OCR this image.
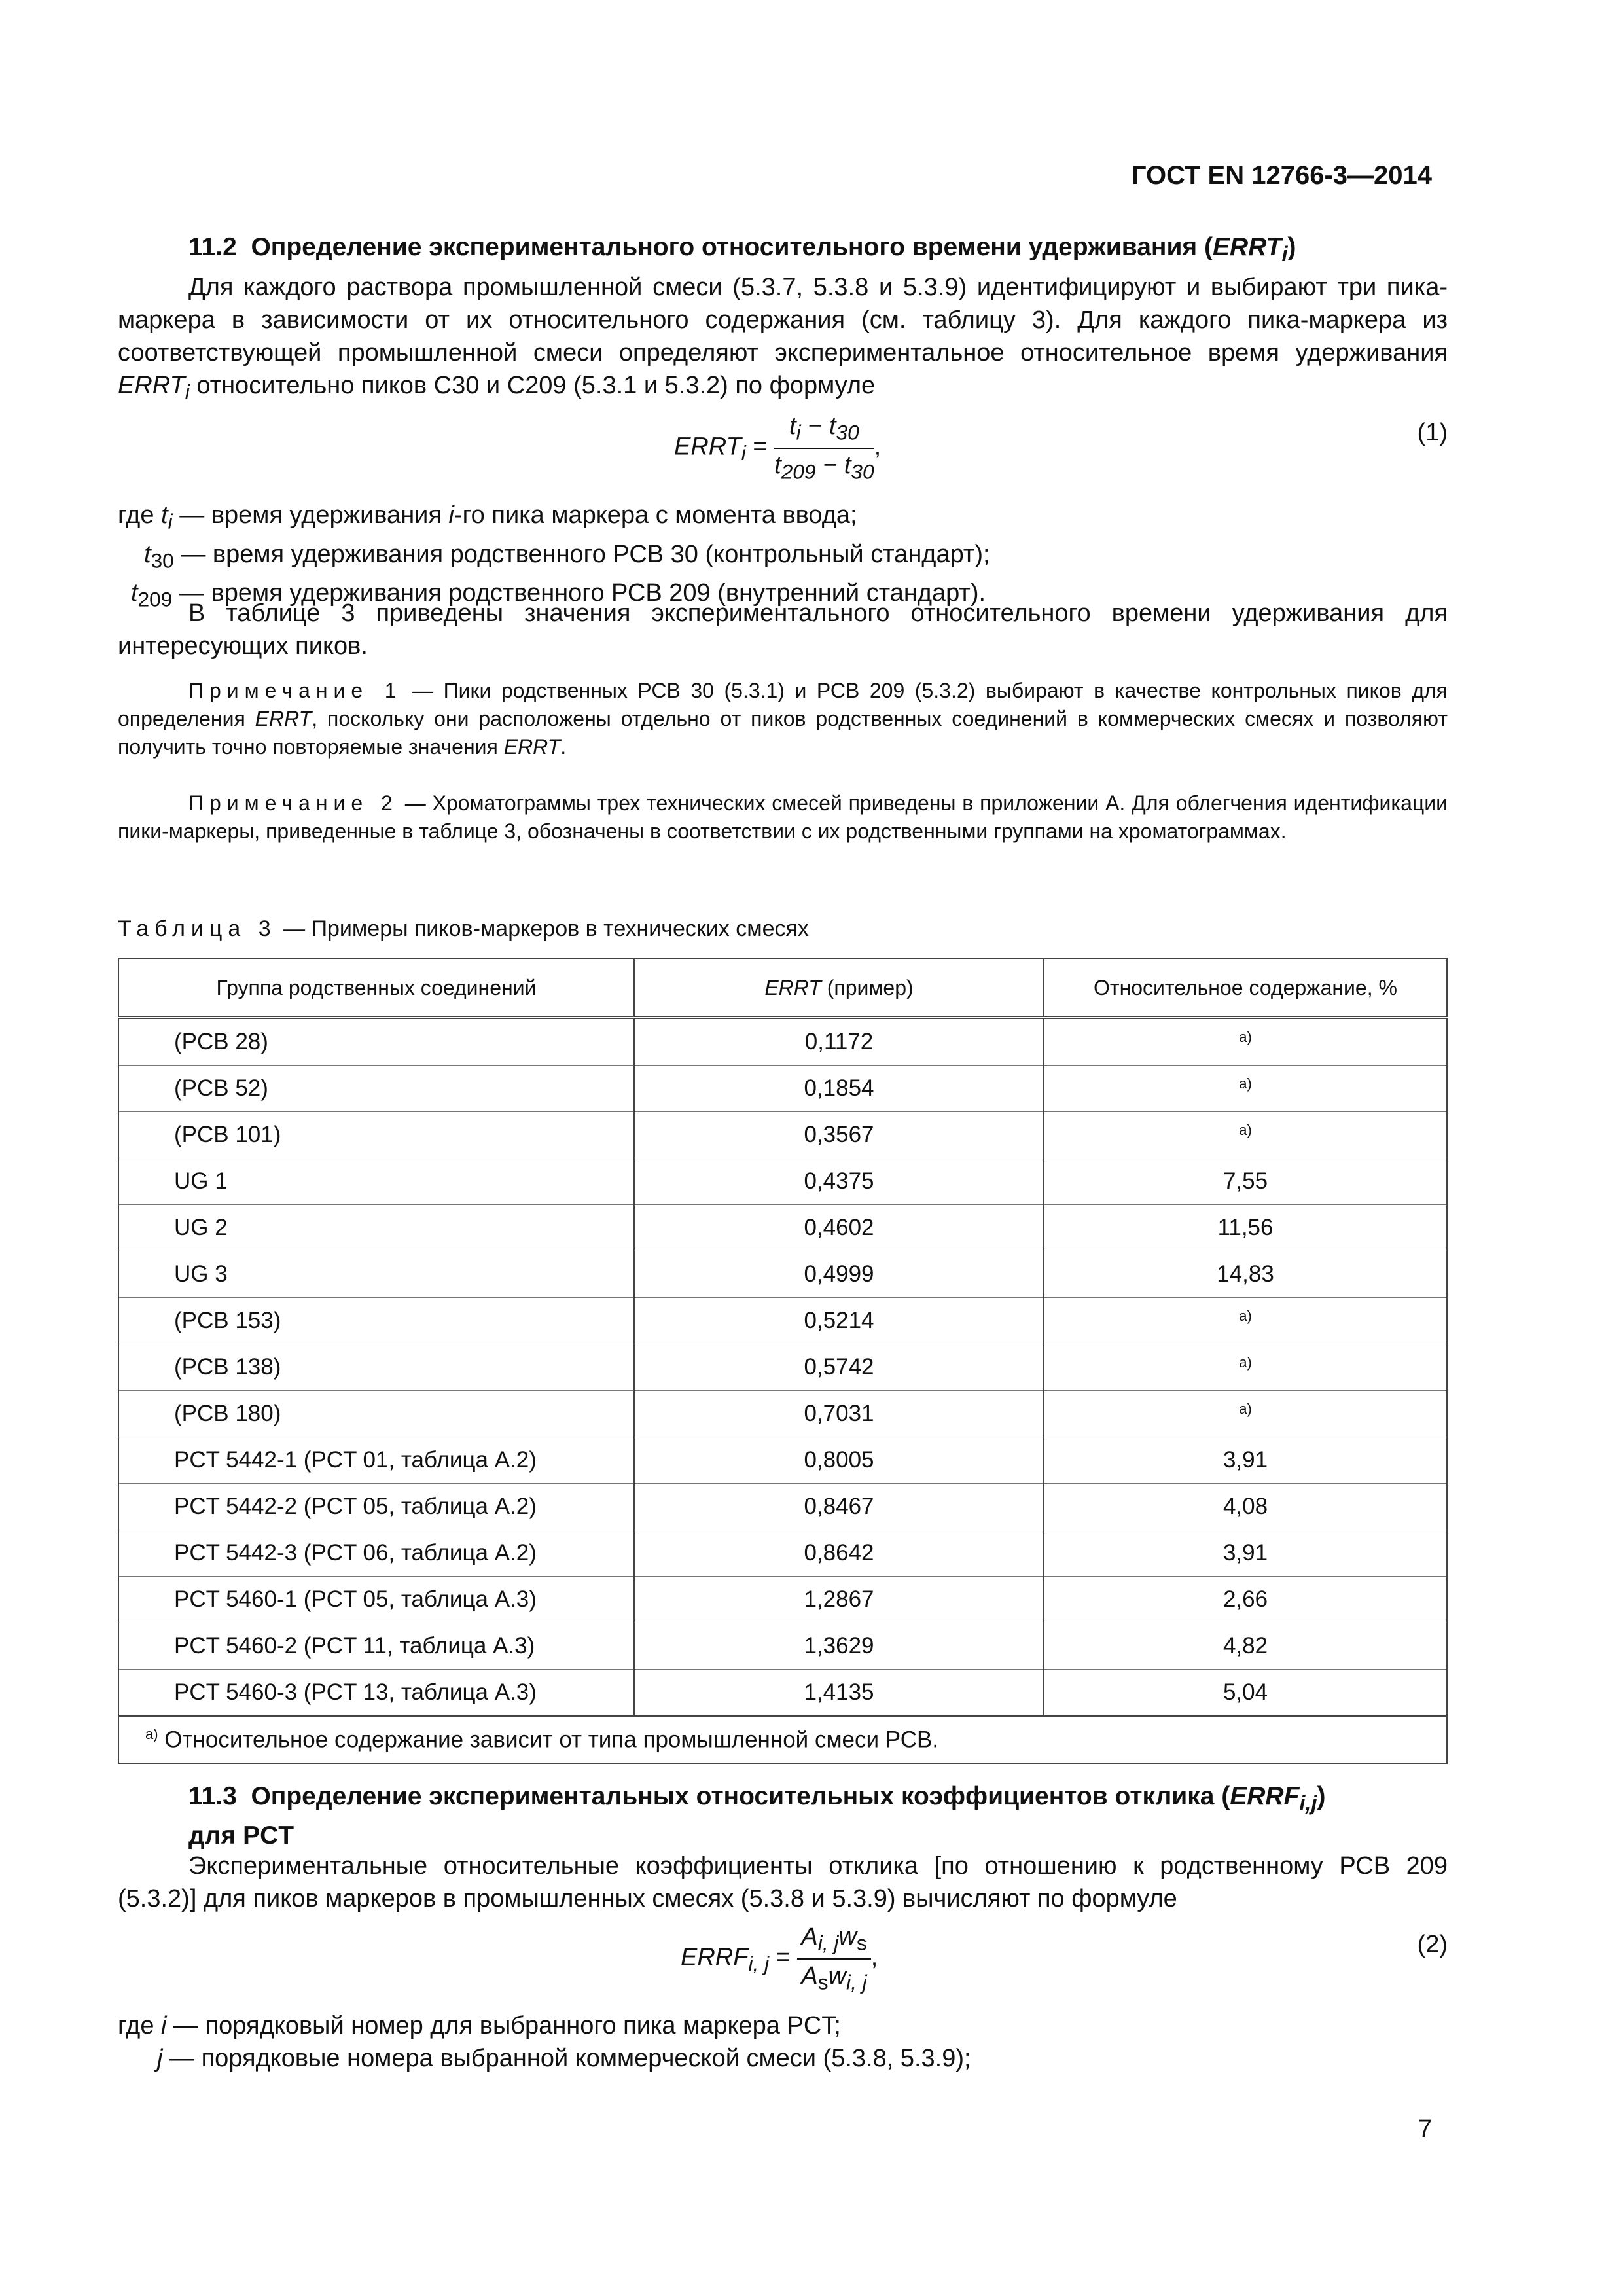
ГОСТ EN 12766-3—2014
11.2 Определение экспериментального относительного времени удерживания $(ERRT_i)$
Для каждого раствора промышленной смеси (5.3.7, 5.3.8 и 5.3.9) идентифицируют и выбирают три пика-маркера в зависимости от их относительного содержания (см. таблицу 3). Для каждого пика-маркера из соответствующей промышленной смеси определяют экспериментальное относительное время удерживания $ERRT_i$ относительно пиков С30 и С209 (5.3.1 и 5.3.2) по формуле
$ERRT_i = \frac{t_i - t_{30}}{t_{209} - t_{30}}$ ,
(1)
где $t_i$ — время удерживания i-го пика маркера с момента ввода;
$t_{30}$ — время удерживания родственного РСВ 30 (контрольный стандарт);
$t_{209}$ — время удерживания родственного РСВ 209 (внутренний стандарт).
В таблице 3 приведены значения экспериментального относительного времени удерживания для интересующих пиков.
Примечание 1 — Пики родственных РСВ 30 (5.3.1) и РСВ 209 (5.3.2) выбирают в качестве контрольных пиков для определения ERRT, поскольку они расположены отдельно от пиков родственных соединений в коммерческих смесях и позволяют получить точно повторяемые значения ERRT.
Примечание 2 — Хроматограммы трех технических смесей приведены в приложении А. Для облегчения идентификации пики-маркеры, приведенные в таблице 3, обозначены в соответствии с их родственными группами на хроматограммах.
Таблица 3 — Примеры пиков-маркеров в технических смесях
Группа родственных соединений	ERRT (пример)	Относительное содержание, %
(PCB 28)	0,1172	$^{а)}$
(PCB 52)	0,1854	$^{а)}$
(PCB 101)	0,3567	$^{а)}$
UG 1	0,4375	7,55
UG 2	0,4602	11,56
UG 3	0,4999	14,83
(PCB 153)	0,5214	$^{а)}$
(PCB 138)	0,5742	$^{а)}$
(PCB 180)	0,7031	$^{а)}$
PCT 5442-1 (PCT 01, таблица А.2)	0,8005	3,91
PCT 5442-2 (PCT 05, таблица А.2)	0,8467	4,08
PCT 5442-3 (PCT 06, таблица А.2)	0,8642	3,91
PCT 5460-1 (PCT 05, таблица А.3)	1,2867	2,66
PCT 5460-2 (PCT 11, таблица А.3)	1,3629	4,82
PCT 5460-3 (PCT 13, таблица А.3)	1,4135	5,04
$^{а)}$ Относительное содержание зависит от типа промышленной смеси РСВ.		
11.3 Определение экспериментальных относительных коэффициентов отклика $(ERRF_{i,j})$
для PCT
Экспериментальные относительные коэффициенты отклика [по отношению к родственному РСВ 209 (5.3.2)] для пиков маркеров в промышленных смесях (5.3.8 и 5.3.9) вычисляют по формуле
$ERRF_{i, j} = \frac{A_{i, j}w_s}{A_sw_{i, j}}$ ,	(2)
где i — порядковый номер для выбранного пика маркера PCT;
j — порядковые номера выбранной коммерческой смеси (5.3.8, 5.3.9);
7
